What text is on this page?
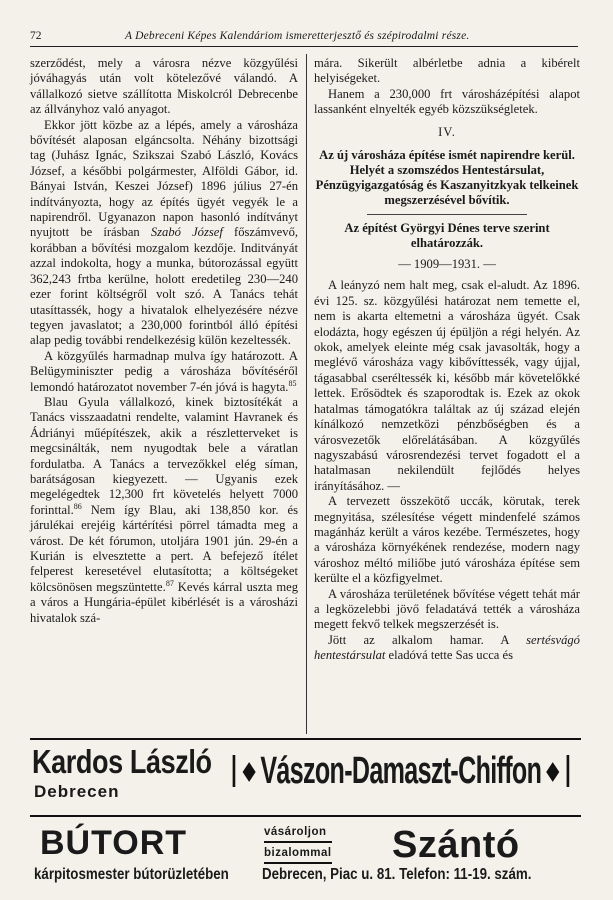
72	A Debreceni Képes Kalendáriom ismeretterjesztő és szépirodalmi része.

szerződést, mely a városra nézve közgyűlési jóváhagyás után volt kötelezővé válandó. A vállalkozó sietve szállította Miskolcról Debrecenbe az állványhoz való anyagot.

Ekkor jött közbe az a lépés, amely a városháza bővítését alaposan elgáncsolta. Néhány bizottsági tag (Juhász Ignác, Szikszai Szabó László, Kovács József, a későbbi polgármester, Alföldi Gábor, id. Bányai István, Keszei József) 1896 július 27-én indítványozta, hogy az építés ügyét vegyék le a napirendről. Ugyanazon napon hasonló indítványt nyujtott be írásban Szabó József főszámvevő, korábban a bővítési mozgalom kezdője. Inditványát azzal indokolta, hogy a munka, bútorozással együtt 362,243 frtba kerülne, holott eredetileg 230—240 ezer forint költségről volt szó. A Tanács tehát utasíttassék, hogy a hivatalok elhelyezésére nézve tegyen javaslatot; a 230,000 forintból álló építési alap pedig további rendelkezésig külön kezeltessék.

A közgyűlés harmadnap mulva így határozott. A Belügyminiszter pedig a városháza bővítéséről lemondó határozatot november 7-én jóvá is hagyta.$^{85}$

Blau Gyula vállalkozó, kinek biztosítékát a Tanács visszaadatni rendelte, valamint Havranek és Ádriányi műépítészek, akik a részletterveket is megcsinálták, nem nyugodtak bele a váratlan fordulatba. A Tanács a tervezőkkel elég síman, barátságosan kiegyezett. — Ugyanis ezek megelégedtek 12,300 frt követelés helyett 7000 forinttal.$^{86}$ Nem így Blau, aki 138,850 kor. és járulékai erejéig kártérítési pörrel támadta meg a várost. De két fórumon, utoljára 1901 jún. 29-én a Kurián is elvesztette a pert. A befejező ítélet felperest keresetével elutasította; a költségeket kölcsönösen megszüntette.$^{87}$ Kevés kárral uszta meg a város a Hungária-épület kibérlését is a városházi hivatalok szá-

mára. Sikerült albérletbe adnia a kibérelt helyiségeket.

Hanem a 230,000 frt városházépítési alapot lassanként elnyelték egyéb közszükségletek.

IV.

Az új városháza építése ismét napirendre kerül. Helyét a szomszédos Hentestársulat, Pénzügyigazgatóság és Kaszanyitzkyak telkeinek megszerzésével bővítik.

Az építést Györgyi Dénes terve szerint elhatározzák.

— 1909—1931. —

A leányzó nem halt meg, csak el-aludt. Az 1896. évi 125. sz. közgyűlési határozat nem temette el, nem is akarta eltemetni a városháza ügyét. Csak elodázta, hogy egészen új épüljön a régi helyén. Az okok, amelyek eleinte még csak javasolták, hogy a meglévő városháza vagy kibővíttessék, vagy újjal, tágasabbal cseréltessék ki, később már követelőkké lettek. Erősödtek és szaporodtak is. Ezek az okok hatalmas támogatókra találtak az új század elején kínálkozó nemzetközi pénzbőségben és a városvezetők előrelátásában. A közgyűlés nagyszabású városrendezési tervet fogadott el a hatalmasan nekilendült fejlődés helyes irányításához. —

A tervezett összekötő uccák, körutak, terek megnyitása, szélesítése végett mindenfelé számos magánház került a város kezébe. Természetes, hogy a városháza környékének rendezése, modern nagy városhoz méltó miliőbe jutó városháza építése sem kerülte el a közfigyelmet.

A városháza területének bővítése végett tehát már a legközelebbi jövő feladatává tették a városháza megett fekvő telkek megszerzését is.

Jött az alkalom hamar. A sertésvágó hentestársulat eladóvá tette Sas ucca és

Kardos László
Debrecen	Vászon-Damaszt-Chiffon
BÚTORT	vásároljon
bizalommal Szántó
kárpitosmester bútorüzletében Debrecen, Piac u. 81. Telefon: 11-19. szám.
